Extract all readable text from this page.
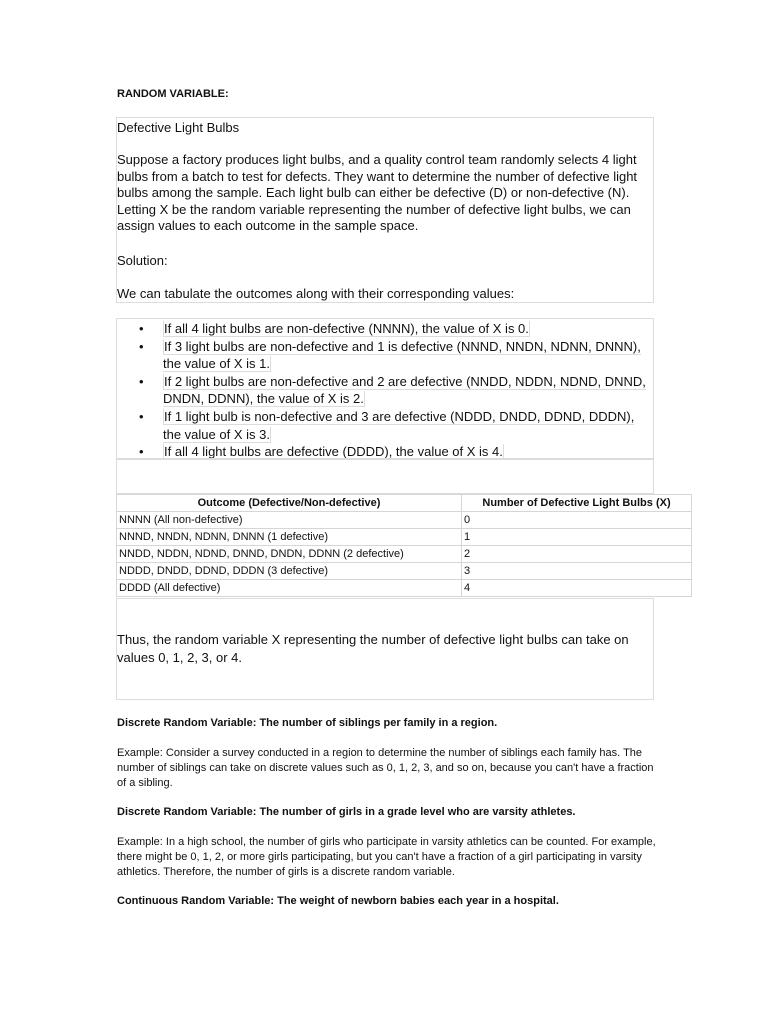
RANDOM VARIABLE:

Defective Light Bulbs

Suppose a factory produces light bulbs, and a quality control team randomly selects 4 light bulbs from a batch to test for defects. They want to determine the number of defective light bulbs among the sample. Each light bulb can either be defective (D) or non-defective (N). Letting X be the random variable representing the number of defective light bulbs, we can assign values to each outcome in the sample space.

Solution:

We can tabulate the outcomes along with their corresponding values:

• If all 4 light bulbs are non-defective (NNNN), the value of X is 0.
• If 3 light bulbs are non-defective and 1 is defective (NNND, NNDN, NDNN, DNNN), the value of X is 1.
• If 2 light bulbs are non-defective and 2 are defective (NNDD, NDDN, NDND, DNND, DNDN, DDNN), the value of X is 2.
• If 1 light bulb is non-defective and 3 are defective (NDDD, DNDD, DDND, DDDN), the value of X is 3.
• If all 4 light bulbs are defective (DDDD), the value of X is 4.
Outcome (Defective/Non-defective)	Number of Defective Light Bulbs (X)
NNNN (All non-defective)	0
NNND, NNDN, NDNN, DNNN (1 defective)	1
NNDD, NDDN, NDND, DNND, DNDN, DDNN (2 defective)	2
NDDD, DNDD, DDND, DDDN (3 defective)	3
DDDD (All defective)	4

Thus, the random variable X representing the number of defective light bulbs can take on values 0, 1, 2, 3, or 4.

Discrete Random Variable: The number of siblings per family in a region.
Example: Consider a survey conducted in a region to determine the number of siblings each family has. The number of siblings can take on discrete values such as 0, 1, 2, 3, and so on, because you can't have a fraction of a sibling.
Discrete Random Variable: The number of girls in a grade level who are varsity athletes.
Example: In a high school, the number of girls who participate in varsity athletics can be counted. For example, there might be 0, 1, 2, or more girls participating, but you can't have a fraction of a girl participating in varsity athletics. Therefore, the number of girls is a discrete random variable.
Continuous Random Variable: The weight of newborn babies each year in a hospital.
